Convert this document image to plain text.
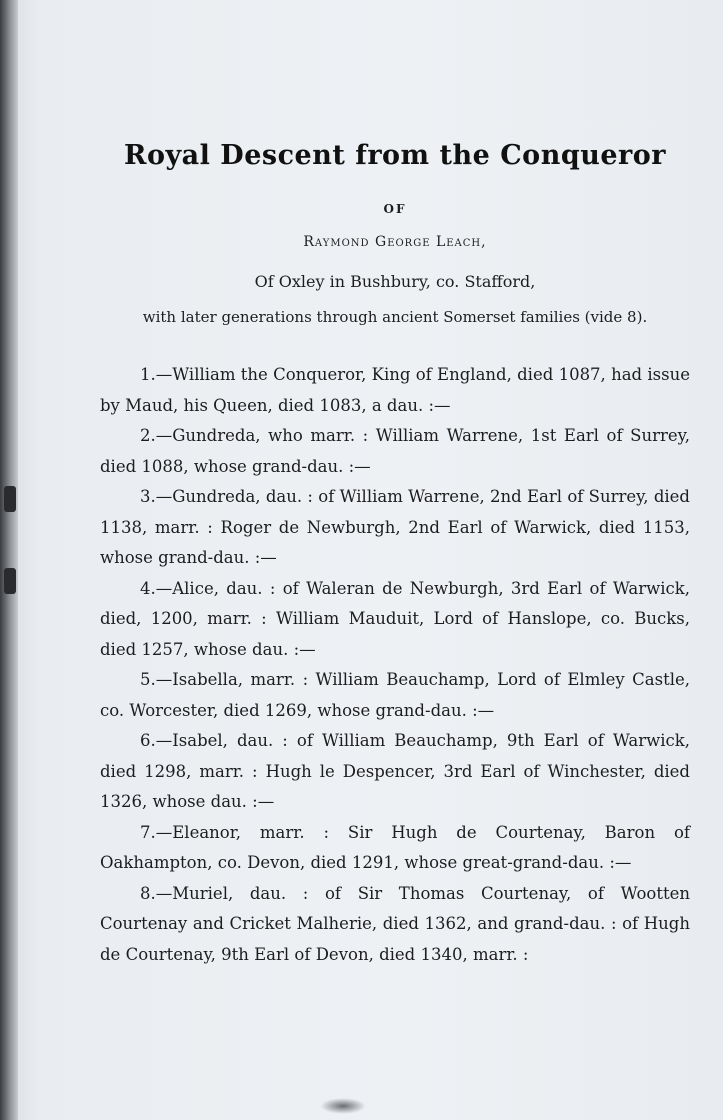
Royal Descent from the Conqueror
OF
Raymond George Leach,
Of Oxley in Bushbury, co. Stafford,
with later generations through ancient Somerset families (vide 8).

1.—William the Conqueror, King of England, died 1087, had issue by Maud, his Queen, died 1083, a dau. :—

2.—Gundreda, who marr. : William Warrene, 1st Earl of Surrey, died 1088, whose grand-dau. :—

3.—Gundreda, dau. : of William Warrene, 2nd Earl of Surrey, died 1138, marr. : Roger de Newburgh, 2nd Earl of Warwick, died 1153, whose grand-dau. :—

4.—Alice, dau. : of Waleran de Newburgh, 3rd Earl of Warwick, died, 1200, marr. : William Mauduit, Lord of Hanslope, co. Bucks, died 1257, whose dau. :—

5.—Isabella, marr. : William Beauchamp, Lord of Elmley Castle, co. Worcester, died 1269, whose grand-dau. :—

6.—Isabel, dau. : of William Beauchamp, 9th Earl of Warwick, died 1298, marr. : Hugh le Despencer, 3rd Earl of Winchester, died 1326, whose dau. :—

7.—Eleanor, marr. : Sir Hugh de Courtenay, Baron of Oakhampton, co. Devon, died 1291, whose great-grand-dau. :—

8.—Muriel, dau. : of Sir Thomas Courtenay, of Wootten Courtenay and Cricket Malherie, died 1362, and grand-dau. : of Hugh de Courtenay, 9th Earl of Devon, died 1340, marr. :
